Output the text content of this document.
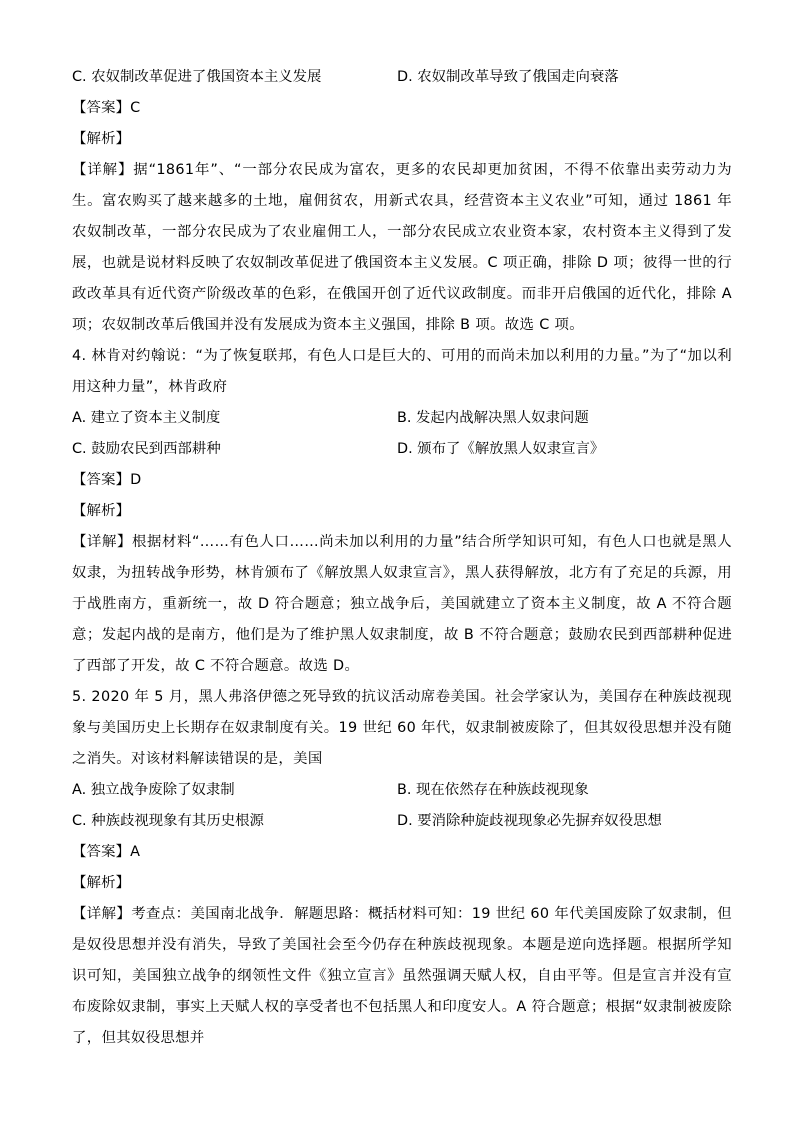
C. 农奴制改革促进了俄国资本主义发展	D. 农奴制改革导致了俄国走向衰落
【答案】C
【解析】
【详解】据“1861年”、“一部分农民成为富农，更多的农民却更加贫困，不得不依靠出卖劳动力为生。富农购买了越来越多的土地，雇佣贫农，用新式农具，经营资本主义农业”可知，通过 1861 年农奴制改革，一部分农民成为了农业雇佣工人，一部分农民成立农业资本家，农村资本主义得到了发展，也就是说材料反映了农奴制改革促进了俄国资本主义发展。C 项正确，排除 D 项；彼得一世的行政改革具有近代资产阶级改革的色彩，在俄国开创了近代议政制度。而非开启俄国的近代化，排除 A 项；农奴制改革后俄国并没有发展成为资本主义强国，排除 B 项。故选 C 项。
4. 林肯对约翰说：“为了恢复联邦，有色人口是巨大的、可用的而尚未加以利用的力量。”为了“加以利用这种力量”，林肯政府
A. 建立了资本主义制度	B. 发起内战解决黑人奴隶问题
C. 鼓励农民到西部耕种	D. 颁布了《解放黑人奴隶宣言》
【答案】D
【解析】
【详解】根据材料“……有色人口……尚未加以利用的力量”结合所学知识可知，有色人口也就是黑人奴隶，为扭转战争形势，林肯颁布了《解放黑人奴隶宣言》，黑人获得解放，北方有了充足的兵源，用于战胜南方，重新统一，故 D 符合题意；独立战争后，美国就建立了资本主义制度，故 A 不符合题意；发起内战的是南方，他们是为了维护黑人奴隶制度，故 B 不符合题意；鼓励农民到西部耕种促进了西部了开发，故 C 不符合题意。故选 D。
5. 2020 年 5 月，黑人弗洛伊德之死导致的抗议活动席卷美国。社会学家认为，美国存在种族歧视现象与美国历史上长期存在奴隶制度有关。19 世纪 60 年代，奴隶制被废除了，但其奴役思想并没有随之消失。对该材料解读错误的是，美国
A. 独立战争废除了奴隶制	B. 现在依然存在种族歧视现象
C. 种族歧视现象有其历史根源	D. 要消除种旋歧视现象必先摒弃奴役思想
【答案】A
【解析】
【详解】考查点：美国南北战争．解题思路：概括材料可知：19 世纪 60 年代美国废除了奴隶制，但是奴役思想并没有消失，导致了美国社会至今仍存在种族歧视现象。本题是逆向选择题。根据所学知识可知，美国独立战争的纲领性文件《独立宣言》虽然强调天赋人权，自由平等。但是宣言并没有宣布废除奴隶制，事实上天赋人权的享受者也不包括黑人和印度安人。A 符合题意；根据“奴隶制被废除了，但其奴役思想并
